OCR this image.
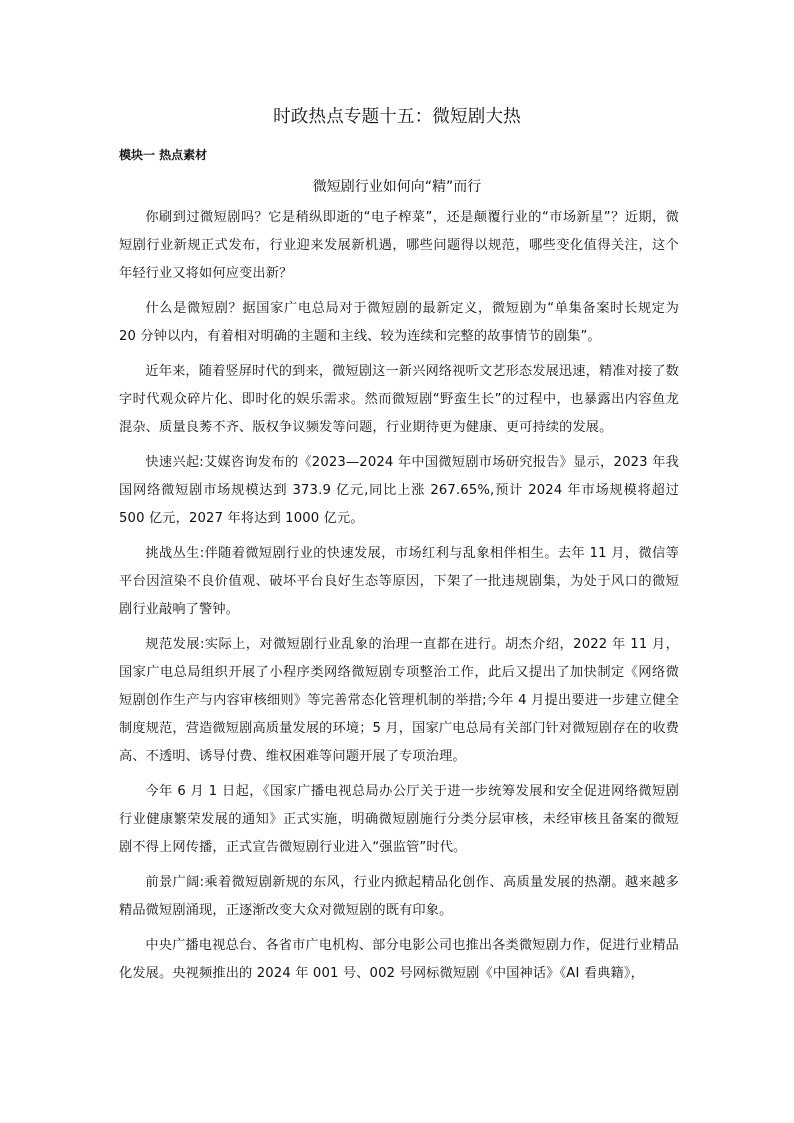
时政热点专题十五：微短剧大热
模块一 热点素材
微短剧行业如何向“精”而行

你刷到过微短剧吗？它是稍纵即逝的“电子榨菜”，还是颠覆行业的“市场新星”？近期，微短剧行业新规正式发布，行业迎来发展新机遇，哪些问题得以规范，哪些变化值得关注，这个年轻行业又将如何应变出新？

什么是微短剧？据国家广电总局对于微短剧的最新定义，微短剧为“单集备案时长规定为 20 分钟以内，有着相对明确的主题和主线、较为连续和完整的故事情节的剧集”。

近年来，随着竖屏时代的到来，微短剧这一新兴网络视听文艺形态发展迅速，精准对接了数字时代观众碎片化、即时化的娱乐需求。然而微短剧“野蛮生长”的过程中，也暴露出内容鱼龙混杂、质量良莠不齐、版权争议频发等问题，行业期待更为健康、更可持续的发展。

快速兴起:艾媒咨询发布的《2023—2024 年中国微短剧市场研究报告》显示，2023 年我国网络微短剧市场规模达到 373.9 亿元,同比上涨 267.65%,预计 2024 年市场规模将超过 500 亿元，2027 年将达到 1000 亿元。

挑战丛生:伴随着微短剧行业的快速发展，市场红利与乱象相伴相生。去年 11 月，微信等平台因渲染不良价值观、破坏平台良好生态等原因，下架了一批违规剧集，为处于风口的微短剧行业敲响了警钟。

规范发展:实际上，对微短剧行业乱象的治理一直都在进行。胡杰介绍，2022 年 11 月，国家广电总局组织开展了小程序类网络微短剧专项整治工作，此后又提出了加快制定《网络微短剧创作生产与内容审核细则》等完善常态化管理机制的举措;今年 4 月提出要进一步建立健全制度规范，营造微短剧高质量发展的环境；5 月，国家广电总局有关部门针对微短剧存在的收费高、不透明、诱导付费、维权困难等问题开展了专项治理。

今年 6 月 1 日起，《国家广播电视总局办公厅关于进一步统筹发展和安全促进网络微短剧行业健康繁荣发展的通知》正式实施，明确微短剧施行分类分层审核，未经审核且备案的微短剧不得上网传播，正式宣告微短剧行业进入“强监管”时代。

前景广阔:乘着微短剧新规的东风，行业内掀起精品化创作、高质量发展的热潮。越来越多精品微短剧涌现，正逐渐改变大众对微短剧的既有印象。

中央广播电视总台、各省市广电机构、部分电影公司也推出各类微短剧力作，促进行业精品化发展。央视频推出的 2024 年 001 号、002 号网标微短剧《中国神话》《AI 看典籍》，
